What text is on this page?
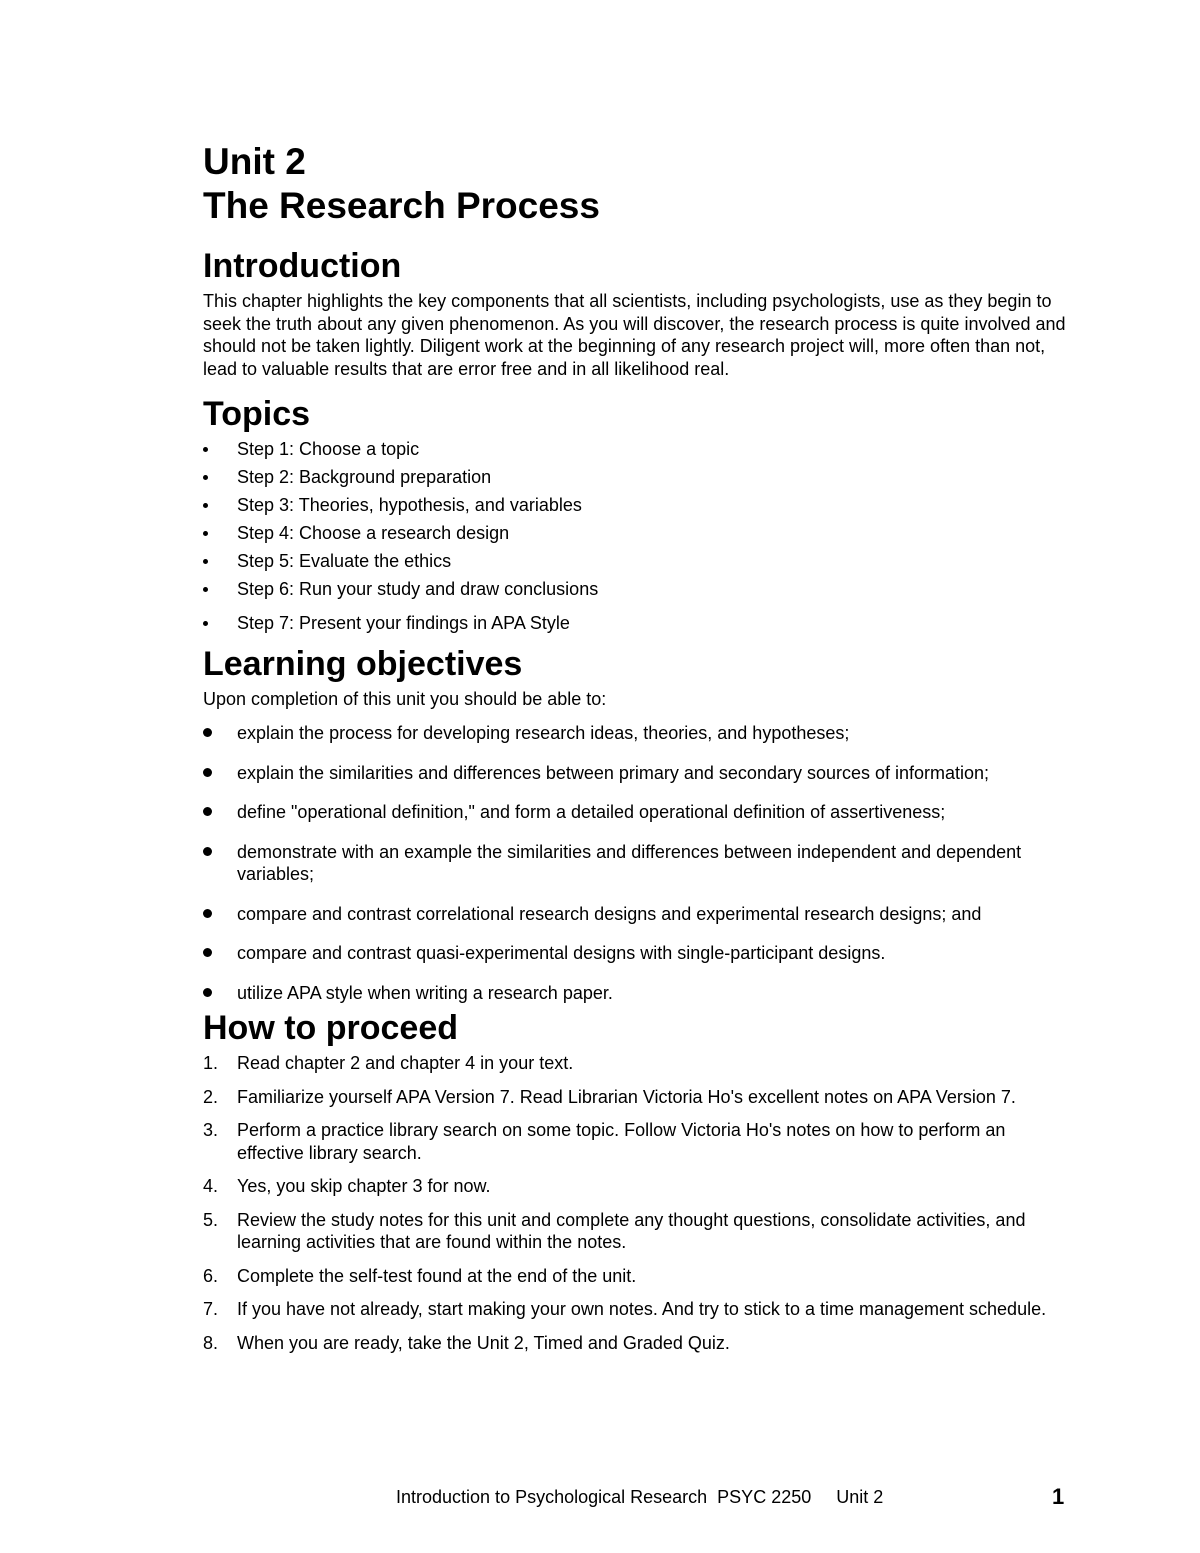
Unit 2
The Research Process
Introduction

This chapter highlights the key components that all scientists, including psychologists, use as they begin to seek the truth about any given phenomenon. As you will discover, the research process is quite involved and should not be taken lightly. Diligent work at the beginning of any research project will, more often than not, lead to valuable results that are error free and in all likelihood real.

Topics
Step 1: Choose a topic
Step 2: Background preparation
Step 3: Theories, hypothesis, and variables
Step 4: Choose a research design
Step 5: Evaluate the ethics
Step 6: Run your study and draw conclusions
Step 7: Present your findings in APA Style
Learning objectives

Upon completion of this unit you should be able to:

explain the process for developing research ideas, theories, and hypotheses;
explain the similarities and differences between primary and secondary sources of information;
define "operational definition," and form a detailed operational definition of assertiveness;
demonstrate with an example the similarities and differences between independent and dependent variables;
compare and contrast correlational research designs and experimental research designs; and
compare and contrast quasi-experimental designs with single-participant designs.
utilize APA style when writing a research paper.
How to proceed
1. Read chapter 2 and chapter 4 in your text.
2. Familiarize yourself APA Version 7. Read Librarian Victoria Ho's excellent notes on APA Version 7.
3. Perform a practice library search on some topic. Follow Victoria Ho's notes on how to perform an effective library search.
4. Yes, you skip chapter 3 for now.
5. Review the study notes for this unit and complete any thought questions, consolidate activities, and learning activities that are found within the notes.
6. Complete the self-test found at the end of the unit.
7. If you have not already, start making your own notes. And try to stick to a time management schedule.
8. When you are ready, take the Unit 2, Timed and Graded Quiz.
Introduction to Psychological Research  PSYC 2250     Unit 2	1
